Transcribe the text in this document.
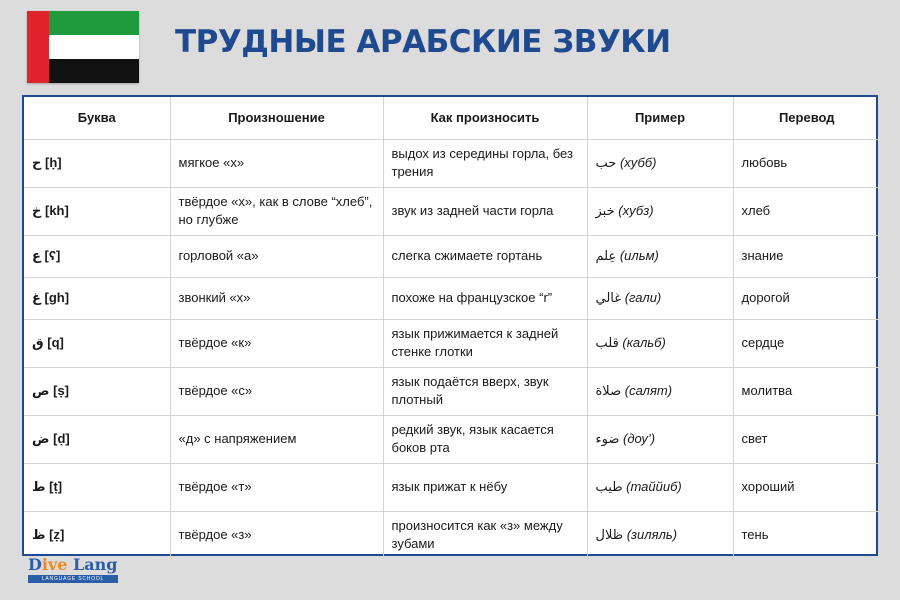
ТРУДНЫЕ АРАБСКИЕ ЗВУКИ
Буква	Произношение	Как произносить	Пример	Перевод
ح [ḥ]	мягкое «х»	выдох из середины горла, без трения	حب (хубб)	любовь
خ [kh]	твёрдое «х», как в слове “хлеб”, но глубже	звук из задней части горла	خبز (хубз)	хлеб
ع [ʕ]	горловой «а»	слегка сжимаете гортань	عِلم (ильм)	знание
غ [gh]	звонкий «х»	похоже на французское “r”	غالي (гали)	дорогой
ق [q]	твёрдое «к»	язык прижимается к задней стенке глотки	قلب (кальб)	сердце
ص [ṣ]	твёрдое «с»	язык подаётся вверх, звук плотный	صلاة (салят)	молитва
ض [ḍ]	«д» с напряжением	редкий звук, язык касается боков рта	ضوء (доу’)	свет
ط [ṭ]	твёрдое «т»	язык прижат к нёбу	طيب (таййиб)	хороший
ظ [ẓ]	твёрдое «з»	произносится как «з» между зубами	ظلال (зиляль)	тень
Dive Lang
LANGUAGE SCHOOL
